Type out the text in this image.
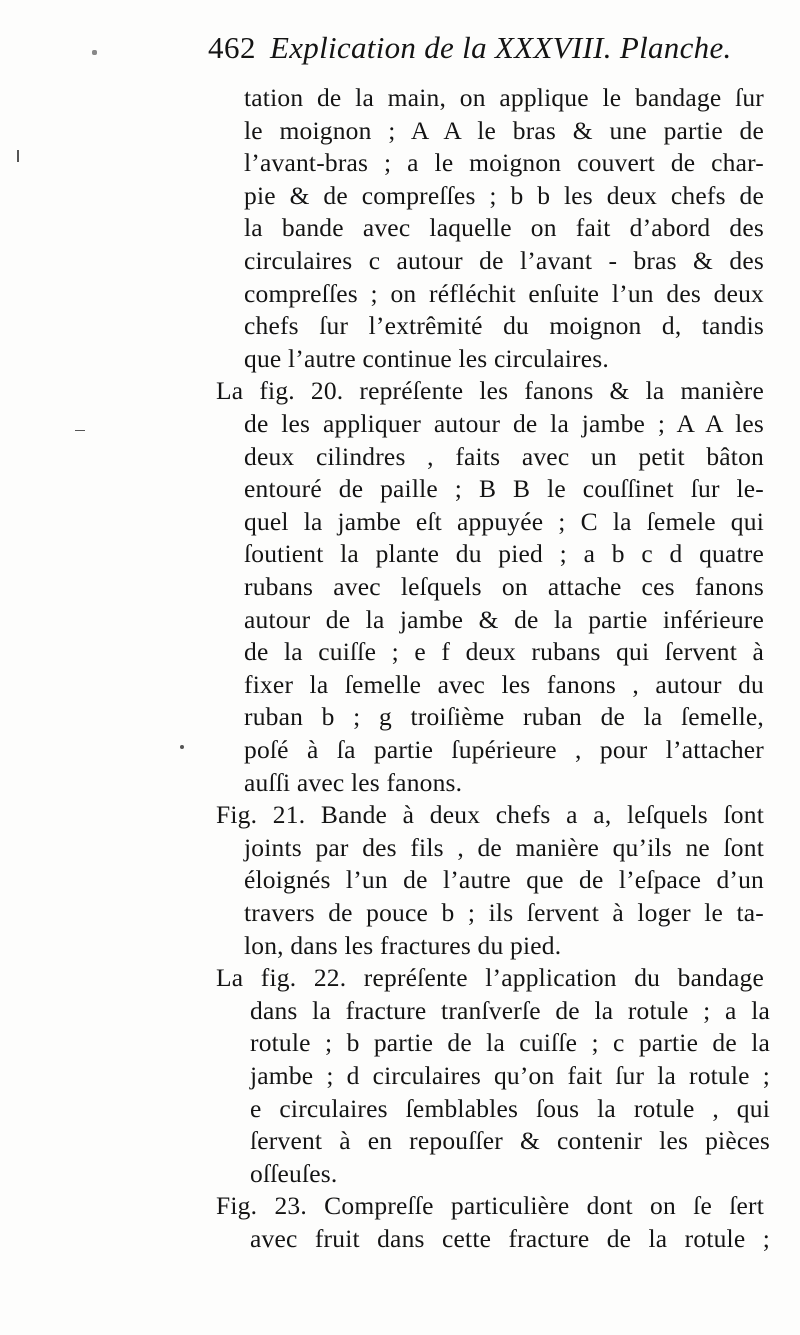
462 Explication de la XXXVIII. Planche.
tation de la main, on applique le bandage ſur
le moignon ; A A le bras & une partie de
l’avant-bras ; a le moignon couvert de char-
pie & de compreſſes ; b b les deux chefs de
la bande avec laquelle on fait d’abord des
circulaires c autour de l’avant - bras & des
compreſſes ; on réfléchit enſuite l’un des deux
chefs ſur l’extrêmité du moignon d, tandis
que l’autre continue les circulaires.
La fig. 20. repréſente les fanons & la manière
de les appliquer autour de la jambe ; A A les
deux cilindres , faits avec un petit bâton
entouré de paille ; B B le couſſinet ſur le-
quel la jambe eſt appuyée ; C la ſemele qui
ſoutient la plante du pied ; a b c d quatre
rubans avec leſquels on attache ces fanons
autour de la jambe & de la partie inférieure
de la cuiſſe ; e f deux rubans qui ſervent à
fixer la ſemelle avec les fanons , autour du
ruban b ; g troiſième ruban de la ſemelle,
poſé à ſa partie ſupérieure , pour l’attacher
auſſi avec les fanons.
Fig. 21. Bande à deux chefs a a, leſquels ſont
joints par des fils , de manière qu’ils ne ſont
éloignés l’un de l’autre que de l’eſpace d’un
travers de pouce b ; ils ſervent à loger le ta-
lon, dans les fractures du pied.
La fig. 22. repréſente l’application du bandage
dans la fracture tranſverſe de la rotule ; a la
rotule ; b partie de la cuiſſe ; c partie de la
jambe ; d circulaires qu’on fait ſur la rotule ;
e circulaires ſemblables ſous la rotule , qui
ſervent à en repouſſer & contenir les pièces
oſſeuſes.
Fig. 23. Compreſſe particulière dont on ſe ſert
avec fruit dans cette fracture de la rotule ;
